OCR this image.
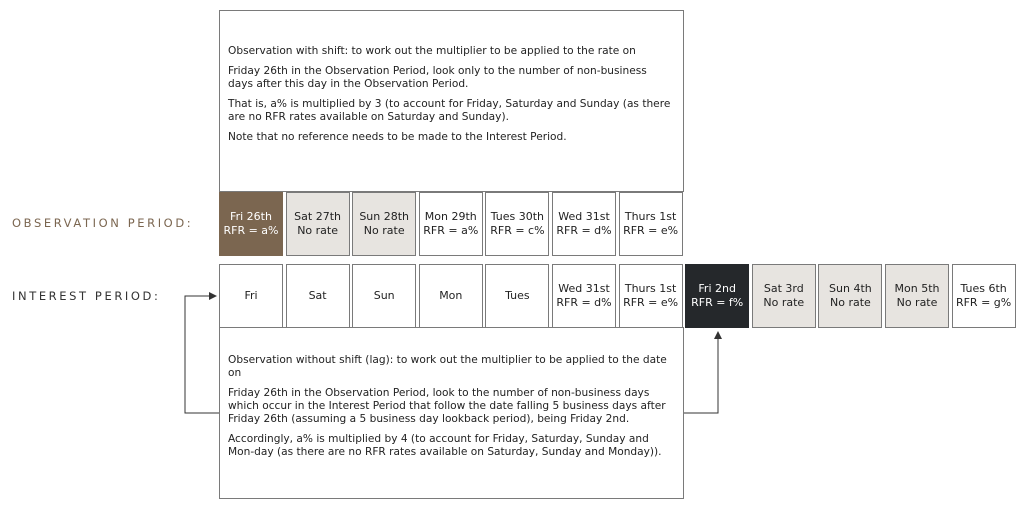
Observation with shift: to work out the multiplier to be applied to the rate on

Friday 26th in the Observation Period, look only to the number of non-business days after this day in the Observation Period.

That is, a% is multiplied by 3 (to account for Friday, Saturday and Sunday (as there are no RFR rates available on Saturday and Sunday).

Note that no reference needs to be made to the Interest Period.

OBSERVATION PERIOD:
INTEREST PERIOD:
Fri 26th
RFR = a%
Sat 27th
No rate
Sun 28th
No rate
Mon 29th
RFR = a%
Tues 30th
RFR = c%
Wed 31st
RFR = d%
Thurs 1st
RFR = e%
Fri	Sat	Sun	Mon	Tues
Wed 31st
RFR = d%
Thurs 1st
RFR = e%
Fri 2nd
RFR = f%
Sat 3rd
No rate
Sun 4th
No rate
Mon 5th
No rate
Tues 6th
RFR = g%

Observation without shift (lag): to work out the multiplier to be applied to the date on

Friday 26th in the Observation Period, look to the number of non-business days which occur in the Interest Period that follow the date falling 5 business days after Friday 26th (assuming a 5 business day lookback period), being Friday 2nd.

Accordingly, a% is multiplied by 4 (to account for Friday, Saturday, Sunday and Mon-day (as there are no RFR rates available on Saturday, Sunday and Monday)).
